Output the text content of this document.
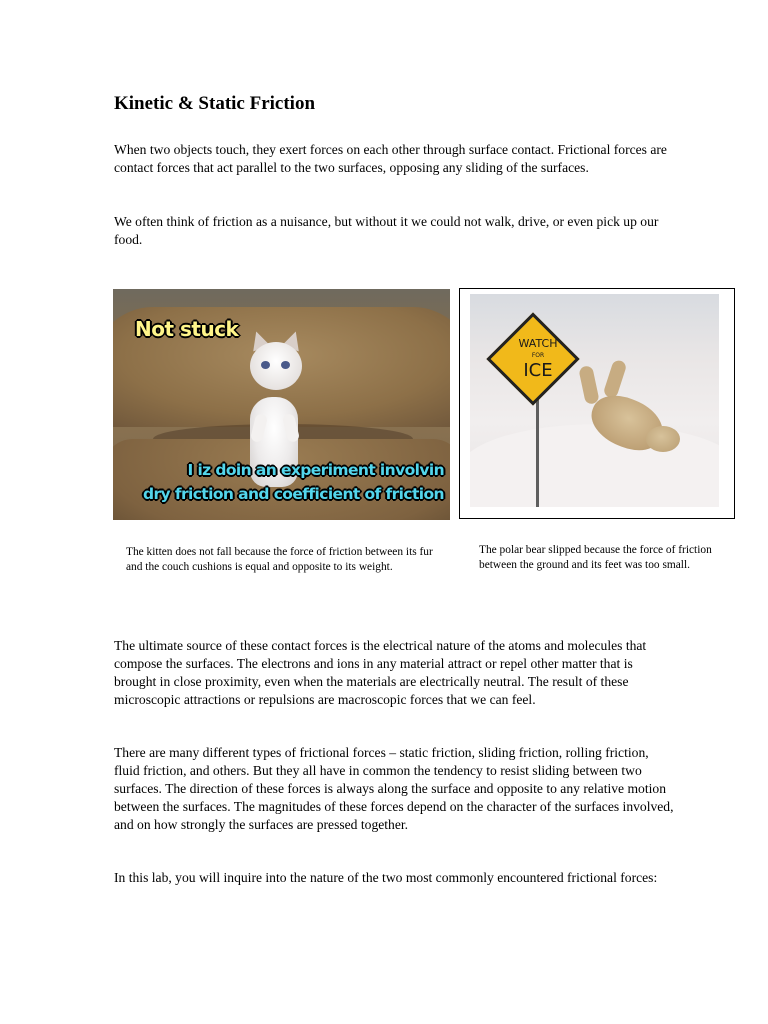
Kinetic & Static Friction

When two objects touch, they exert forces on each other through surface contact. Frictional forces are contact forces that act parallel to the two surfaces, opposing any sliding of the surfaces.

We often think of friction as a nuisance, but without it we could not walk, drive, or even pick up our food.

Not stuck

I iz doin an experiment involvin

dry friction and coefficient of friction

WATCH

FOR

ICE

The kitten does not fall because the force of friction between its fur and the couch cushions is equal and opposite to its weight.

The polar bear slipped because the force of friction between the ground and its feet was too small.

The ultimate source of these contact forces is the electrical nature of the atoms and molecules that compose the surfaces. The electrons and ions in any material attract or repel other matter that is brought in close proximity, even when the materials are electrically neutral. The result of these microscopic attractions or repulsions are macroscopic forces that we can feel.

There are many different types of frictional forces – static friction, sliding friction, rolling friction, fluid friction, and others. But they all have in common the tendency to resist sliding between two surfaces. The direction of these forces is always along the surface and opposite to any relative motion between the surfaces. The magnitudes of these forces depend on the character of the surfaces involved, and on how strongly the surfaces are pressed together.

In this lab, you will inquire into the nature of the two most commonly encountered frictional forces:
